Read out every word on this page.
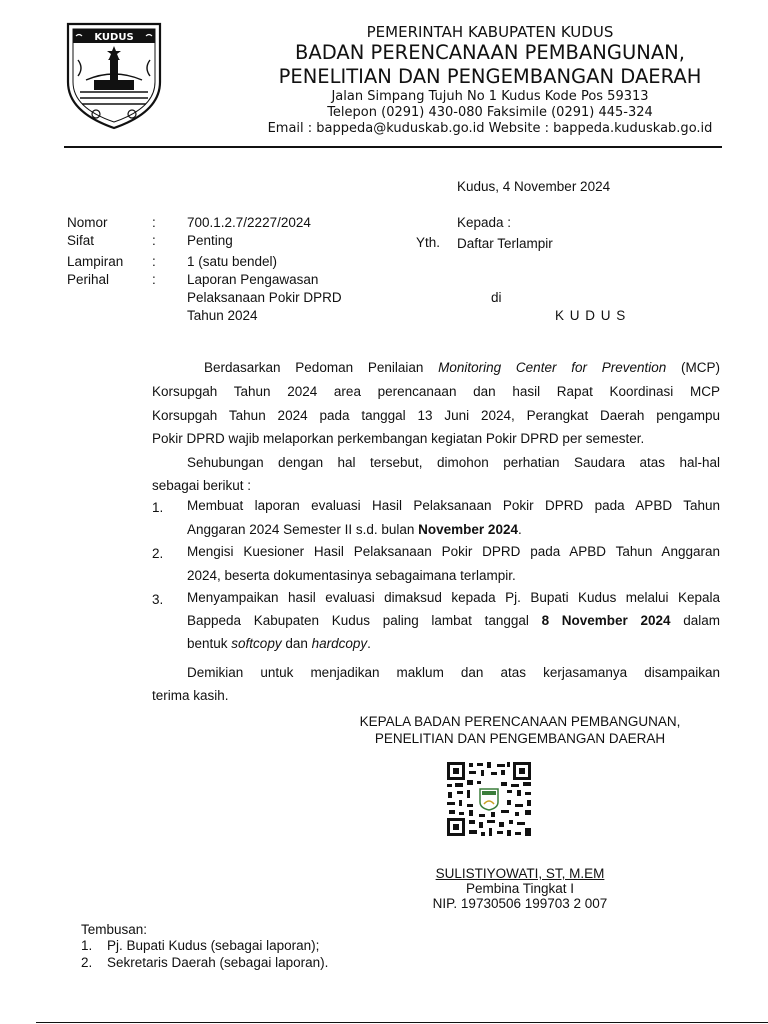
KUDUS	PEMERINTAH KABUPATEN KUDUS
BADAN PERENCANAAN PEMBANGUNAN,
PENELITIAN DAN PENGEMBANGAN DAERAH
Jalan Simpang Tujuh No 1 Kudus Kode Pos 59313
Telepon (0291) 430-080 Faksimile (0291) 445-324
Email : bappeda@kuduskab.go.id Website : bappeda.kuduskab.go.id
Kudus, 4 November 2024
Nomor	: 700.1.2.7/2227/2024
Sifat	: Penting
Lampiran : 1 (satu bendel)
Perihal	: Laporan Pengawasan
Pelaksanaan Pokir DPRD
Tahun 2024
Kepada :
Yth. Daftar Terlampir
di
K U D U S
Berdasarkan Pedoman Penilaian Monitoring Center for Prevention (MCP)
Korsupgah Tahun 2024 area perencanaan dan hasil Rapat Koordinasi MCP
Korsupgah Tahun 2024 pada tanggal 13 Juni 2024, Perangkat Daerah pengampu
Pokir DPRD wajib melaporkan perkembangan kegiatan Pokir DPRD per semester.
Sehubungan dengan hal tersebut, dimohon perhatian Saudara atas hal-hal
sebagai berikut :
1. Membuat laporan evaluasi Hasil Pelaksanaan Pokir DPRD pada APBD Tahun
Anggaran 2024 Semester II s.d. bulan November 2024.
2. Mengisi Kuesioner Hasil Pelaksanaan Pokir DPRD pada APBD Tahun Anggaran
2024, beserta dokumentasinya sebagaimana terlampir.
3. Menyampaikan hasil evaluasi dimaksud kepada Pj. Bupati Kudus melalui Kepala
Bappeda Kabupaten Kudus paling lambat tanggal 8 November 2024 dalam
bentuk softcopy dan hardcopy.
Demikian untuk menjadikan maklum dan atas kerjasamanya disampaikan
terima kasih.
KEPALA BADAN PERENCANAAN PEMBANGUNAN,
PENELITIAN DAN PENGEMBANGAN DAERAH
SULISTIYOWATI, ST, M.EM
Pembina Tingkat I
NIP. 19730506 199703 2 007
Tembusan:
1. Pj. Bupati Kudus (sebagai laporan);
2. Sekretaris Daerah (sebagai laporan).
